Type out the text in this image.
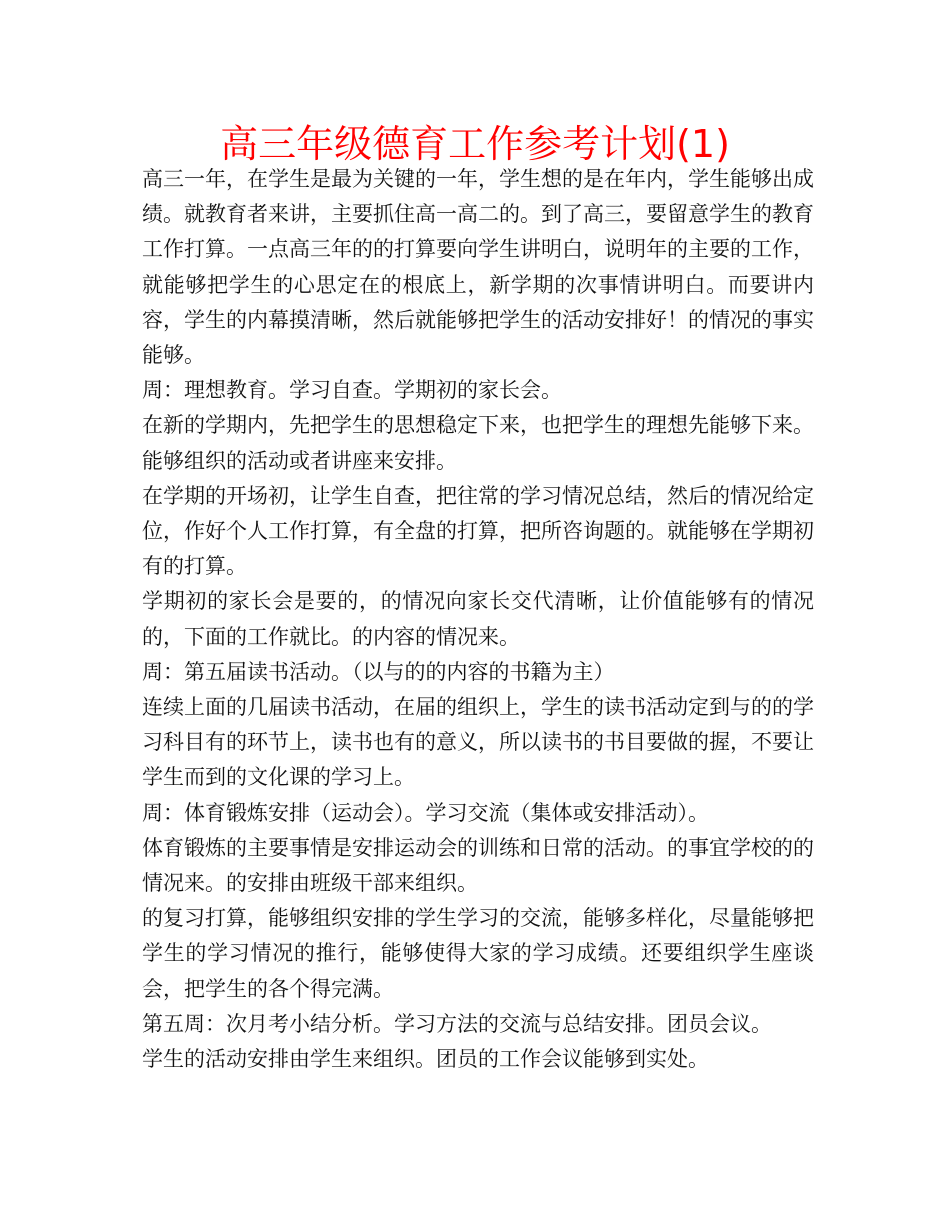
高三年级德育工作参考计划(1)

高三一年，在学生是最为关键的一年，学生想的是在年内，学生能够出成绩。就教育者来讲，主要抓住高一高二的。到了高三，要留意学生的教育工作打算。一点高三年的的打算要向学生讲明白，说明年的主要的工作，就能够把学生的心思定在的根底上，新学期的次事情讲明白。而要讲内容，学生的内幕摸清晰，然后就能够把学生的活动安排好！的情况的事实能够。

周：理想教育。学习自查。学期初的家长会。

在新的学期内，先把学生的思想稳定下来，也把学生的理想先能够下来。能够组织的活动或者讲座来安排。

在学期的开场初，让学生自查，把往常的学习情况总结，然后的情况给定位，作好个人工作打算，有全盘的打算，把所咨询题的。就能够在学期初有的打算。

学期初的家长会是要的，的情况向家长交代清晰，让价值能够有的情况的，下面的工作就比。的内容的情况来。

周：第五届读书活动。（以与的的内容的书籍为主）

连续上面的几届读书活动，在届的组织上，学生的读书活动定到与的的学习科目有的环节上，读书也有的意义，所以读书的书目要做的握，不要让学生而到的文化课的学习上。

周：体育锻炼安排（运动会）。学习交流（集体或安排活动）。

体育锻炼的主要事情是安排运动会的训练和日常的活动。的事宜学校的的情况来。的安排由班级干部来组织。

的复习打算，能够组织安排的学生学习的交流，能够多样化，尽量能够把学生的学习情况的推行，能够使得大家的学习成绩。还要组织学生座谈会，把学生的各个得完满。

第五周：次月考小结分析。学习方法的交流与总结安排。团员会议。

学生的活动安排由学生来组织。团员的工作会议能够到实处。
